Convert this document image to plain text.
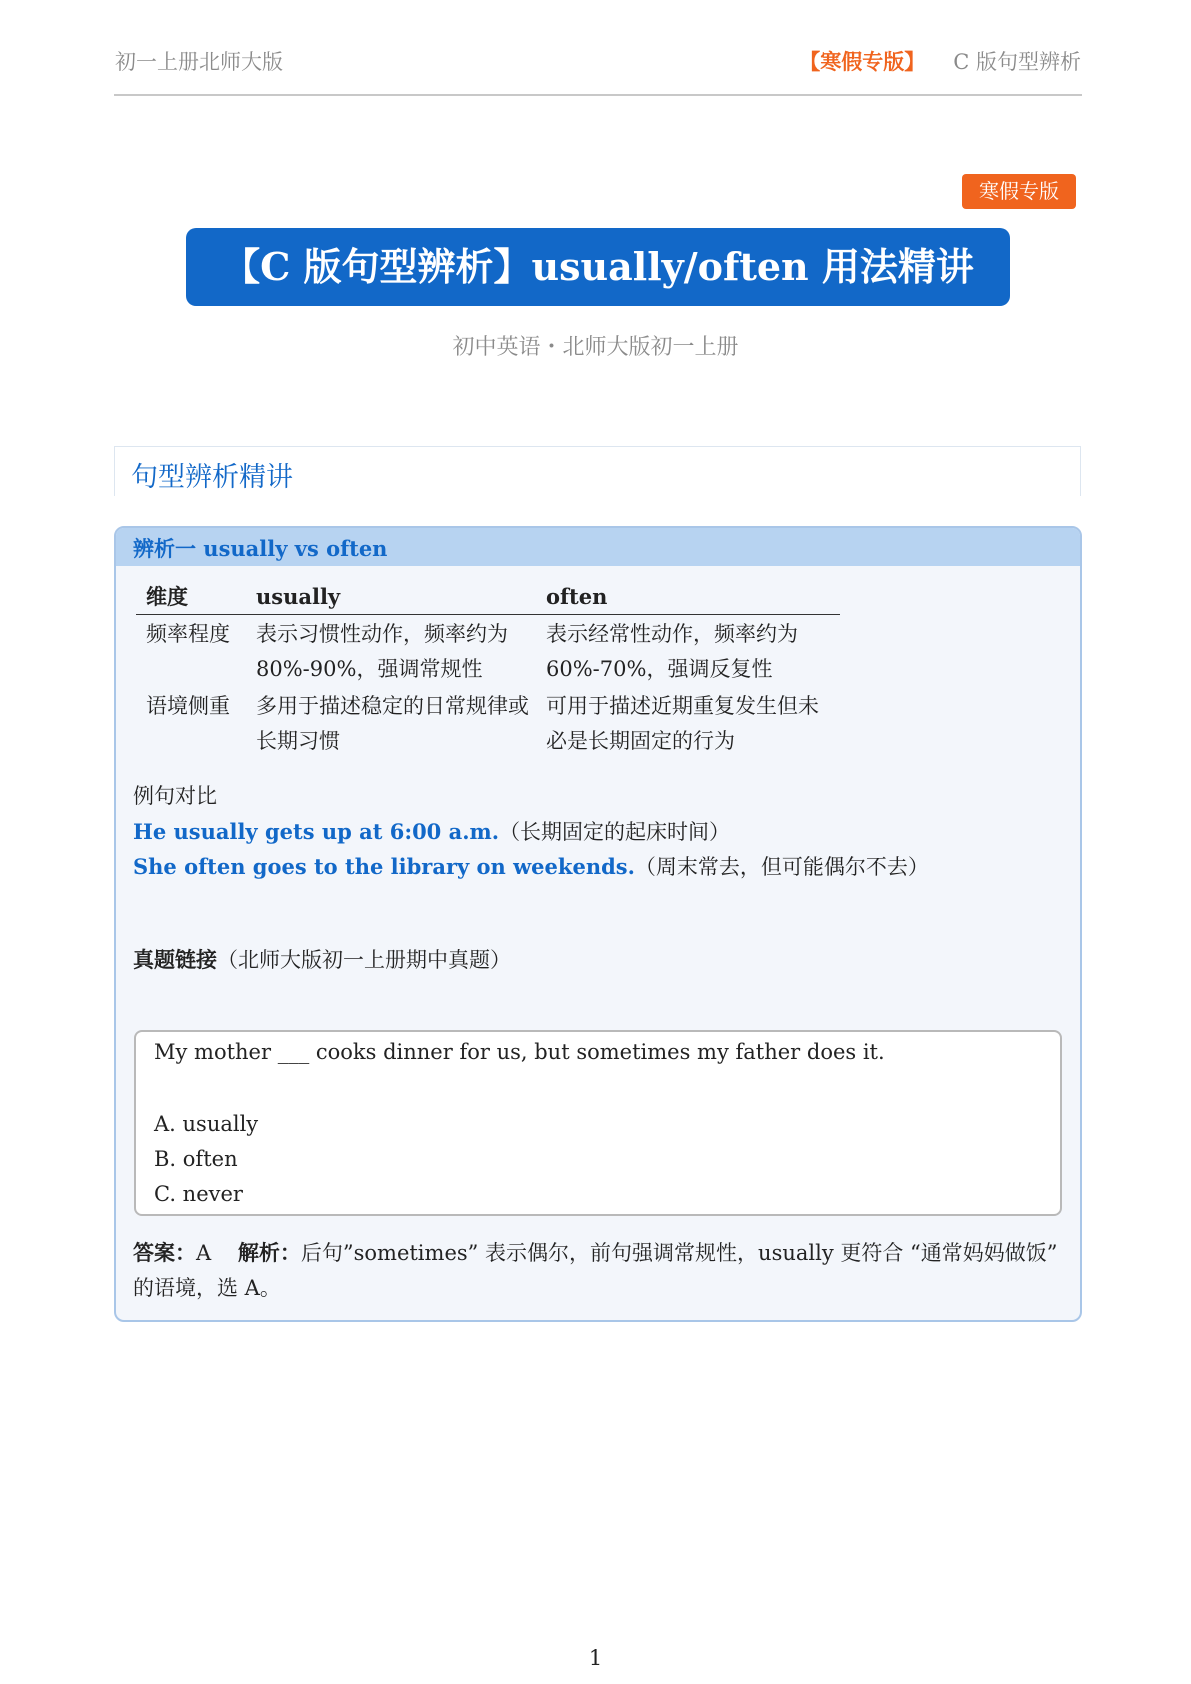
初一上册北师大版	【寒假专版】 C 版句型辨析
寒假专版
【C 版句型辨析】usually/often 用法精讲
初中英语・北师大版初一上册
句型辨析精讲
辨析一 usually vs often
维度	usually	often
频率程度	表示习惯性动作，频率约为80%-90%，强调常规性	表示经常性动作，频率约为60%-70%，强调反复性

语境侧重	多用于描述稳定的日常规律或长期习惯	可用于描述近期重复发生但未必是长期固定的行为
例句对比
He usually gets up at 6:00 a.m.（长期固定的起床时间）
She often goes to the library on weekends.（周末常去，但可能偶尔不去）
真题链接（北师大版初一上册期中真题）
My mother ___ cooks dinner for us, but sometimes my father does it.
A. usually
B. often
C. never
答案：A 解析：后句”sometimes” 表示偶尔，前句强调常规性，usually 更符合 “通常妈妈做饭” 的语境，选 A。
1
